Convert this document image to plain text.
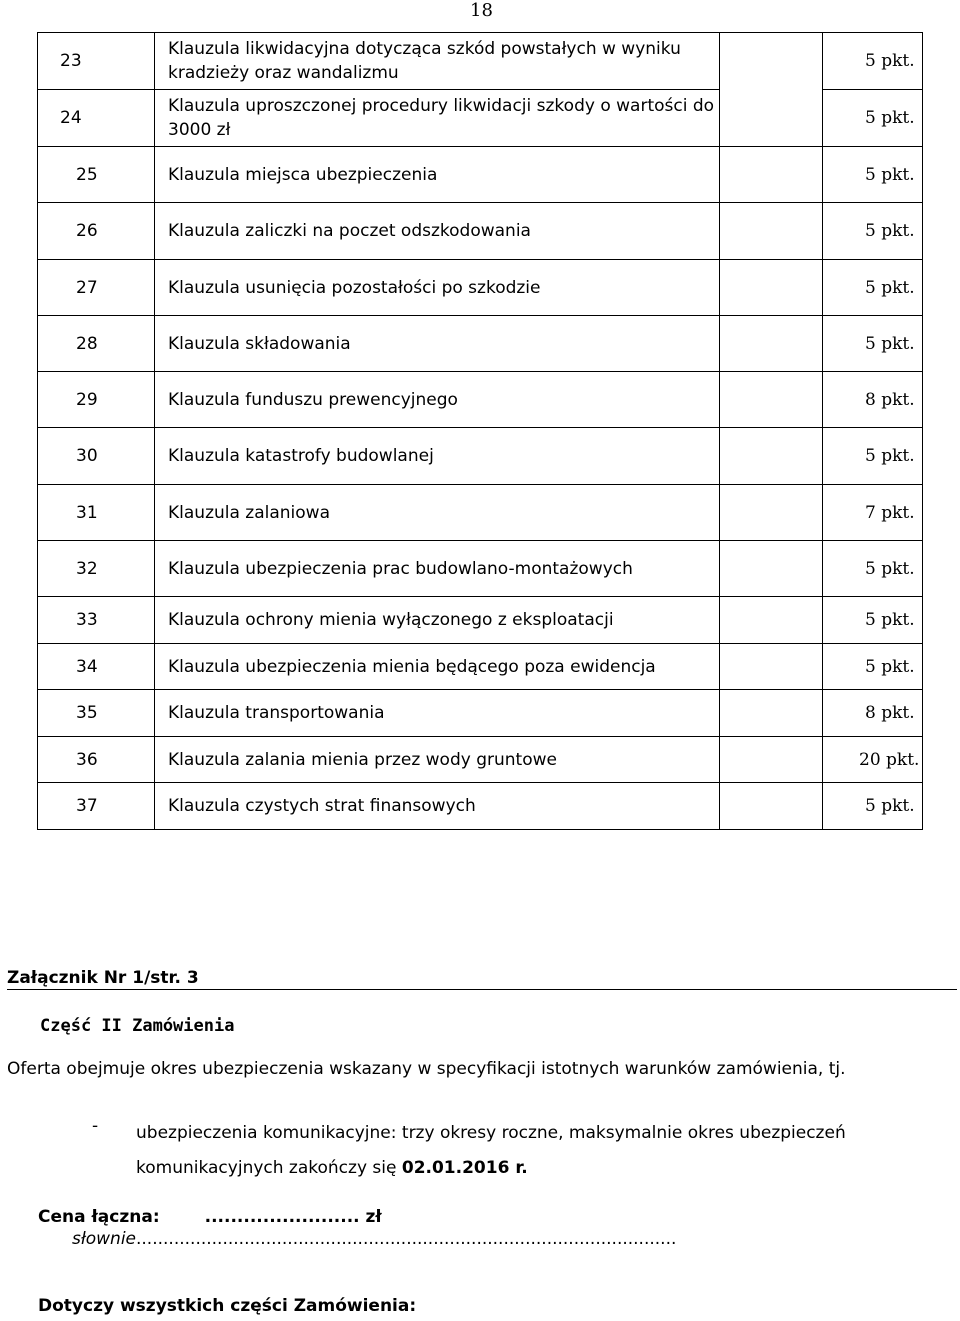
18
23	Klauzula likwidacyjna dotycząca szkód powstałych w wyniku
kradzieży oraz wandalizmu		5 pkt.
24	Klauzula uproszczonej procedury likwidacji szkody o wartości do
3000 zł		5 pkt.
25	Klauzula miejsca ubezpieczenia		5 pkt.
26	Klauzula zaliczki na poczet odszkodowania		5 pkt.
27	Klauzula usunięcia pozostałości po szkodzie		5 pkt.
28	Klauzula składowania		5 pkt.
29	Klauzula funduszu prewencyjnego		8 pkt.
30	Klauzula katastrofy budowlanej		5 pkt.
31	Klauzula zalaniowa		7 pkt.
32	Klauzula ubezpieczenia prac budowlano-montażowych		5 pkt.
33	Klauzula ochrony mienia wyłączonego z eksploatacji		5 pkt.
34	Klauzula ubezpieczenia mienia będącego poza ewidencja		5 pkt.
35	Klauzula transportowania		8 pkt.
36	Klauzula zalania mienia przez wody gruntowe		20 pkt.
37	Klauzula czystych strat finansowych		5 pkt.
Załącznik Nr 1/str. 3
Część II Zamówienia
Oferta obejmuje okres ubezpieczenia wskazany w specyfikacji istotnych warunków zamówienia, tj.
- ubezpieczenia komunikacyjne: trzy okresy roczne, maksymalnie okres ubezpieczeń
komunikacyjnych zakończy się 02.01.2016 r.
Cena łączna:	........................ zł
słownie....................................................................................................
Dotyczy wszystkich części Zamówienia:
